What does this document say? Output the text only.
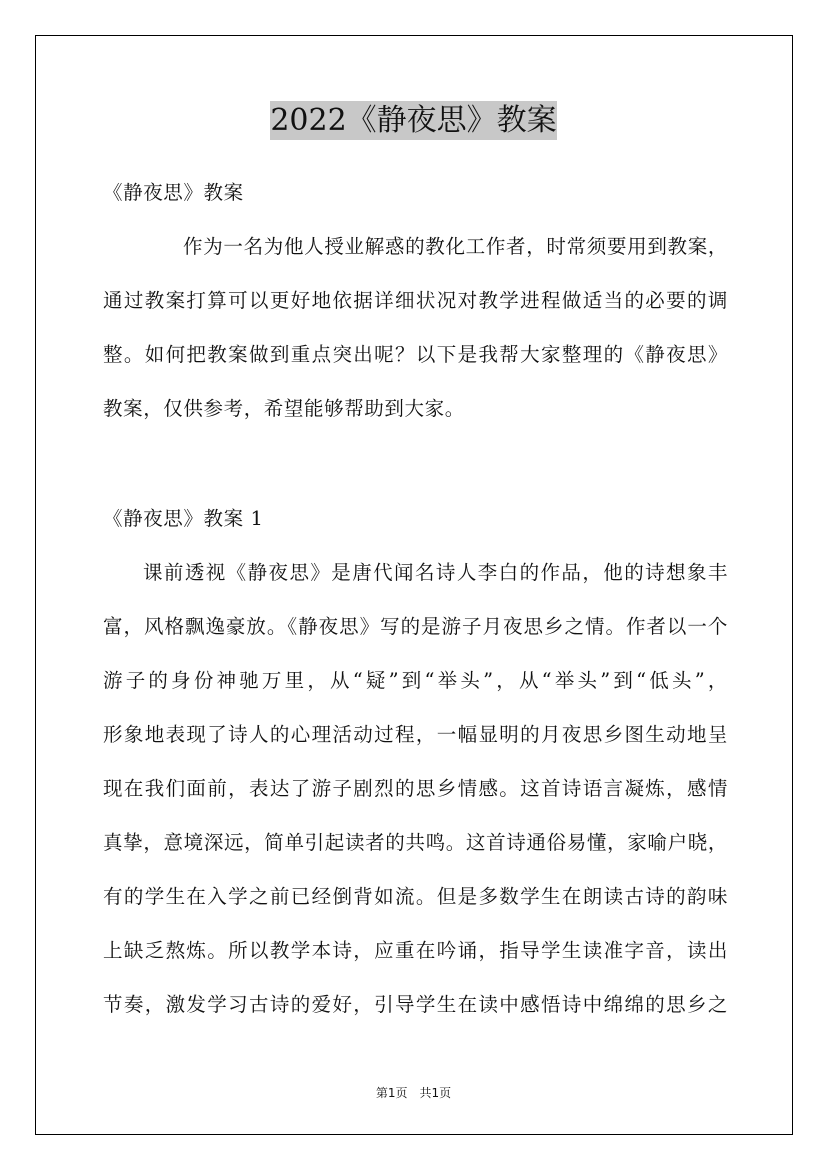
2022《静夜思》教案
《静夜思》教案
作为一名为他人授业解惑的教化工作者，时常须要用到教案，
通过教案打算可以更好地依据详细状况对教学进程做适当的必要的调
整。如何把教案做到重点突出呢？以下是我帮大家整理的《静夜思》
教案，仅供参考，希望能够帮助到大家。
《静夜思》教案 1
课前透视《静夜思》是唐代闻名诗人李白的作品，他的诗想象丰
富，风格飘逸豪放。《静夜思》写的是游子月夜思乡之情。作者以一个
游子的身份神驰万里，从“疑”到“举头”，从“举头”到“低头”，
形象地表现了诗人的心理活动过程，一幅显明的月夜思乡图生动地呈
现在我们面前，表达了游子剧烈的思乡情感。这首诗语言凝炼，感情
真挚，意境深远，简单引起读者的共鸣。这首诗通俗易懂，家喻户晓，
有的学生在入学之前已经倒背如流。但是多数学生在朗读古诗的韵味
上缺乏熬炼。所以教学本诗，应重在吟诵，指导学生读准字音，读出
节奏，激发学习古诗的爱好，引导学生在读中感悟诗中绵绵的思乡之
第1页　共1页
